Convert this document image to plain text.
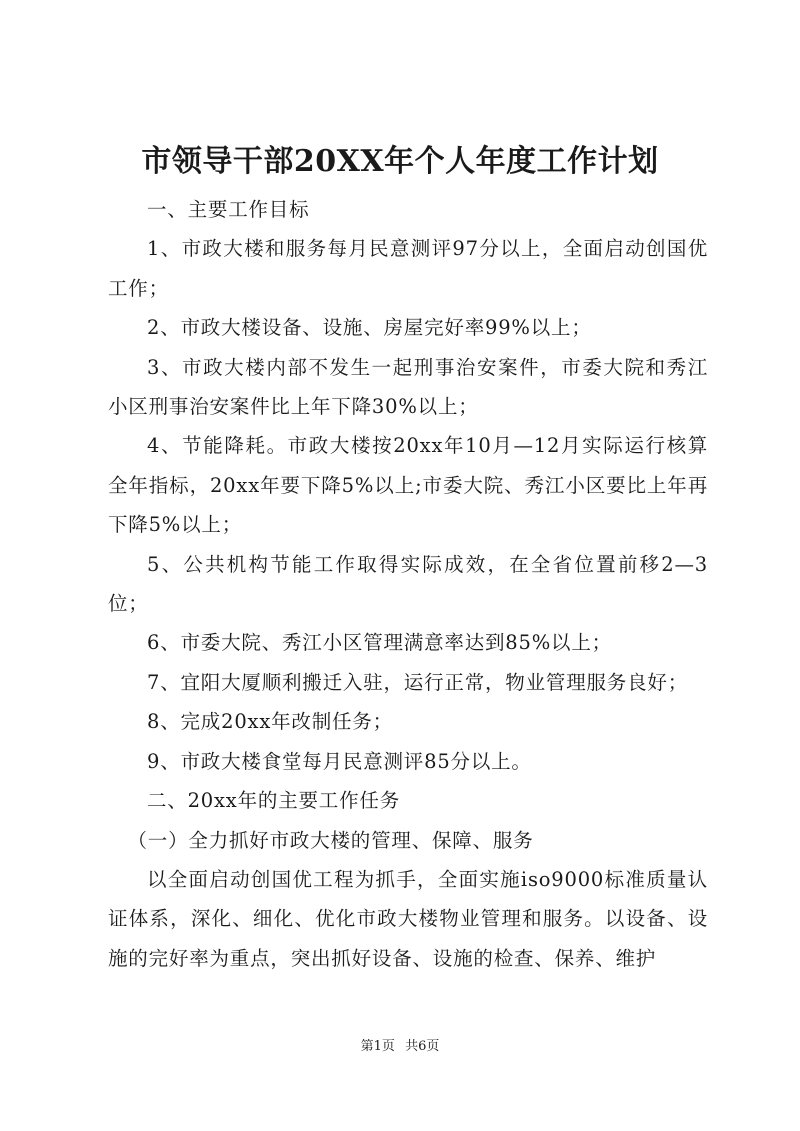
市领导干部20XX年个人年度工作计划

一、主要工作目标

1、市政大楼和服务每月民意测评97分以上，全面启动创国优工作；

2、市政大楼设备、设施、房屋完好率99%以上；

3、市政大楼内部不发生一起刑事治安案件，市委大院和秀江小区刑事治安案件比上年下降30%以上；

4、节能降耗。市政大楼按20xx年10月—12月实际运行核算全年指标，20xx年要下降5%以上;市委大院、秀江小区要比上年再下降5%以上；

5、公共机构节能工作取得实际成效，在全省位置前移2—3位；

6、市委大院、秀江小区管理满意率达到85%以上；

7、宜阳大厦顺利搬迁入驻，运行正常，物业管理服务良好；

8、完成20xx年改制任务；

9、市政大楼食堂每月民意测评85分以上。

二、20xx年的主要工作任务

（一）全力抓好市政大楼的管理、保障、服务

以全面启动创国优工程为抓手，全面实施iso9000标准质量认证体系，深化、细化、优化市政大楼物业管理和服务。以设备、设施的完好率为重点，突出抓好设备、设施的检查、保养、维护

第1页 共6页
